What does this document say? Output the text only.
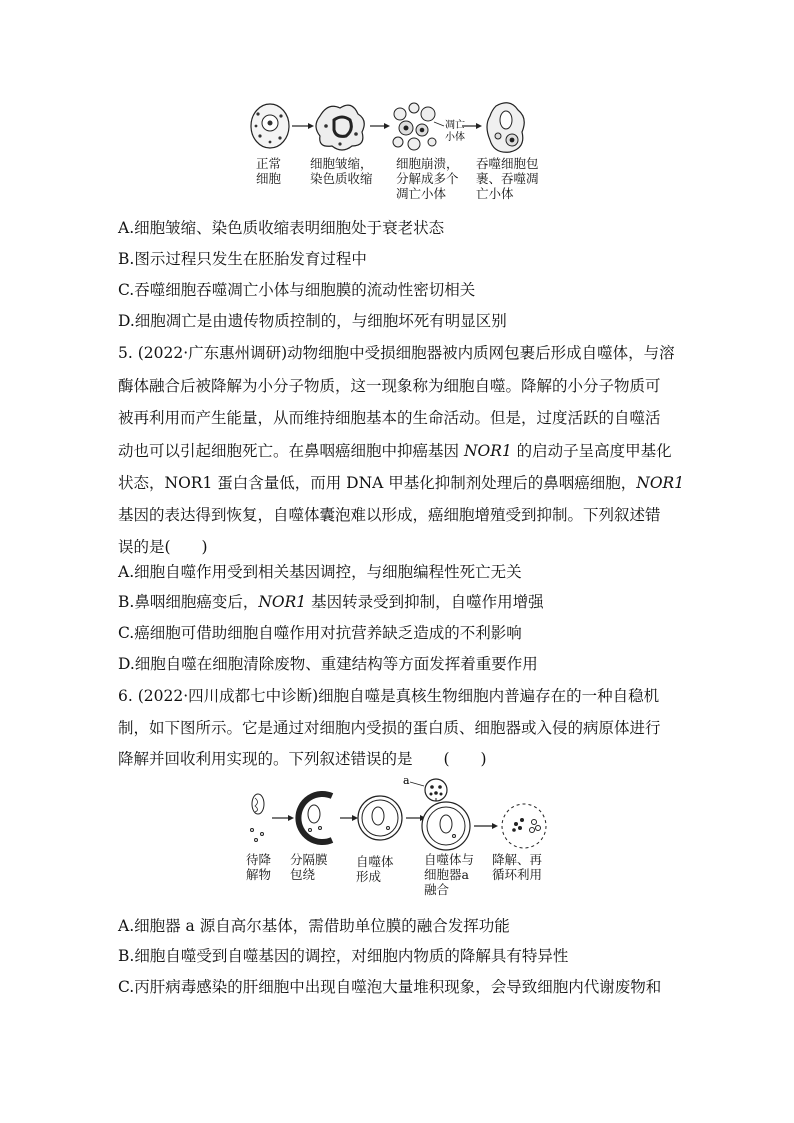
凋亡
小体
正常
细胞
细胞皱缩，
染色质收缩
细胞崩溃，
分解成多个
凋亡小体
吞噬细胞包
裹、吞噬凋
亡小体
A.细胞皱缩、染色质收缩表明细胞处于衰老状态
B.图示过程只发生在胚胎发育过程中
C.吞噬细胞吞噬凋亡小体与细胞膜的流动性密切相关
D.细胞凋亡是由遗传物质控制的，与细胞坏死有明显区别
5. (2022·广东惠州调研)动物细胞中受损细胞器被内质网包裹后形成自噬体，与溶
酶体融合后被降解为小分子物质，这一现象称为细胞自噬。降解的小分子物质可
被再利用而产生能量，从而维持细胞基本的生命活动。但是，过度活跃的自噬活
动也可以引起细胞死亡。在鼻咽癌细胞中抑癌基因 NOR1 的启动子呈高度甲基化
状态，NOR1 蛋白含量低，而用 DNA 甲基化抑制剂处理后的鼻咽癌细胞，NOR1
基因的表达得到恢复，自噬体囊泡难以形成，癌细胞增殖受到抑制。下列叙述错
误的是(　　)
A.细胞自噬作用受到相关基因调控，与细胞编程性死亡无关
B.鼻咽细胞癌变后，NOR1 基因转录受到抑制，自噬作用增强
C.癌细胞可借助细胞自噬作用对抗营养缺乏造成的不利影响
D.细胞自噬在细胞清除废物、重建结构等方面发挥着重要作用
6. (2022·四川成都七中诊断)细胞自噬是真核生物细胞内普遍存在的一种自稳机
制，如下图所示。它是通过对细胞内受损的蛋白质、细胞器或入侵的病原体进行
降解并回收利用实现的。下列叙述错误的是　　(　　)
a
待降
解物
分隔膜
包绕
自噬体
形成
自噬体与
细胞器a
融合
降解、再
循环利用
A.细胞器 a 源自高尔基体，需借助单位膜的融合发挥功能
B.细胞自噬受到自噬基因的调控，对细胞内物质的降解具有特异性
C.丙肝病毒感染的肝细胞中出现自噬泡大量堆积现象，会导致细胞内代谢废物和
